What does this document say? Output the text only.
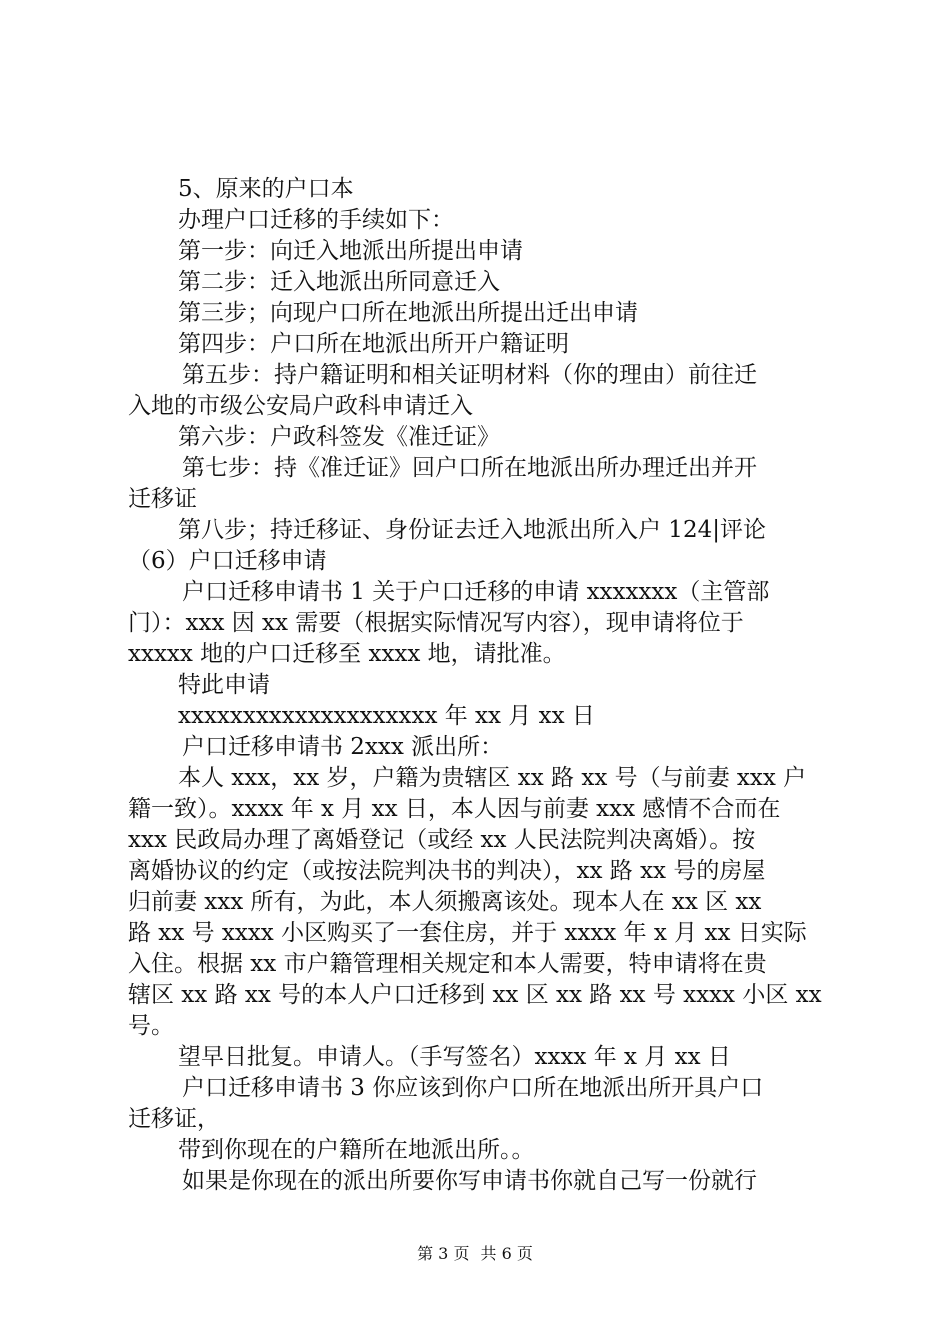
5、原来的户口本
办理户口迁移的手续如下：
第一步：向迁入地派出所提出申请
第二步：迁入地派出所同意迁入
第三步；向现户口所在地派出所提出迁出申请
第四步：户口所在地派出所开户籍证明
第五步：持户籍证明和相关证明材料（你的理由）前往迁
入地的市级公安局户政科申请迁入
第六步：户政科签发《准迁证》
第七步：持《准迁证》回户口所在地派出所办理迁出并开
迁移证
第八步；持迁移证、身份证去迁入地派出所入户 124|评论
（6）户口迁移申请
户口迁移申请书 1 关于户口迁移的申请 xxxxxxx（主管部
门）：xxx 因 xx 需要（根据实际情况写内容），现申请将位于
xxxxx 地的户口迁移至 xxxx 地，请批准。
特此申请
xxxxxxxxxxxxxxxxxxxx 年 xx 月 xx 日
户口迁移申请书 2xxx 派出所：
本人 xxx，xx 岁，户籍为贵辖区 xx 路 xx 号（与前妻 xxx 户
籍一致）。xxxx 年 x 月 xx 日，本人因与前妻 xxx 感情不合而在
xxx 民政局办理了离婚登记（或经 xx 人民法院判决离婚）。按
离婚协议的约定（或按法院判决书的判决），xx 路 xx 号的房屋
归前妻 xxx 所有，为此，本人须搬离该处。现本人在 xx 区 xx
路 xx 号 xxxx 小区购买了一套住房，并于 xxxx 年 x 月 xx 日实际
入住。根据 xx 市户籍管理相关规定和本人需要，特申请将在贵
辖区 xx 路 xx 号的本人户口迁移到 xx 区 xx 路 xx 号 xxxx 小区 xx
号。
望早日批复。申请人。（手写签名）xxxx 年 x 月 xx 日
户口迁移申请书 3 你应该到你户口所在地派出所开具户口
迁移证，
带到你现在的户籍所在地派出所。。
如果是你现在的派出所要你写申请书你就自己写一份就行
第 3 页 共 6 页
